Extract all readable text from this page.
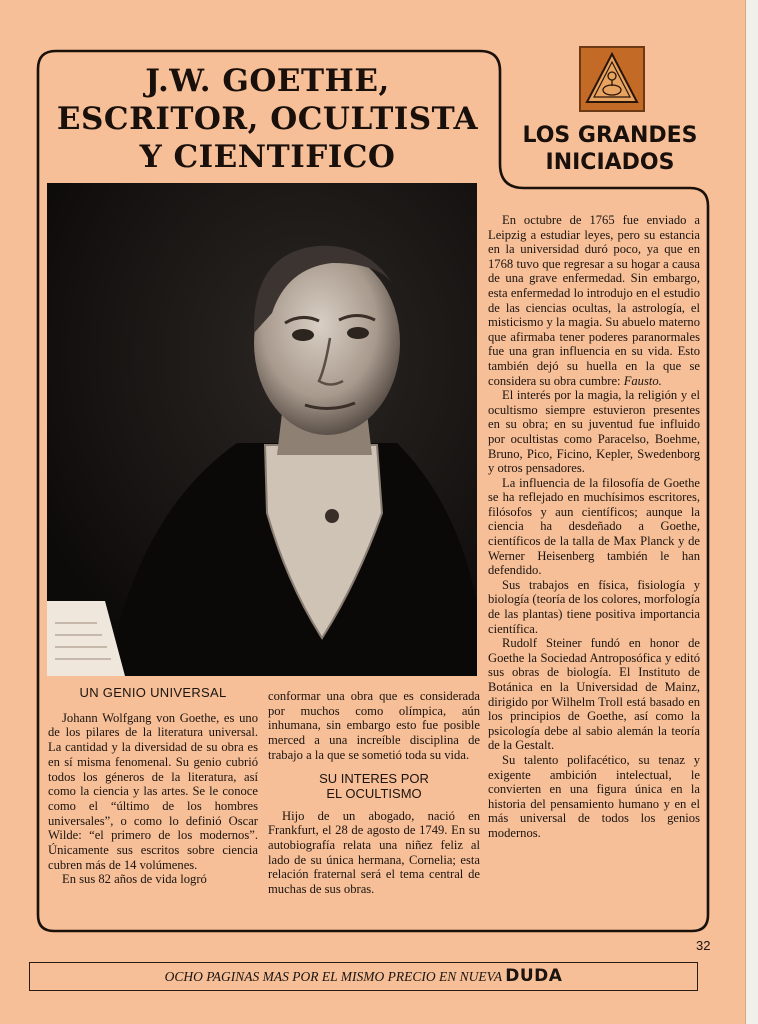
J.W. GOETHE,
ESCRITOR, OCULTISTA
Y CIENTIFICO
LOS GRANDES
INICIADOS
UN GENIO UNIVERSAL

Johann Wolfgang von Goethe, es uno de los pilares de la literatura universal. La cantidad y la diversidad de su obra es en sí misma fenomenal. Su genio cubrió todos los géneros de la literatura, así como la ciencia y las artes. Se le conoce como el “último de los hombres universales”, o como lo definió Oscar Wilde: “el primero de los modernos”. Únicamente sus escritos sobre ciencia cubren más de 14 volúmenes.

En sus 82 años de vida logró

conformar una obra que es considerada por muchos como olímpica, aún inhumana, sin embargo esto fue posible merced a una increíble disciplina de trabajo a la que se sometió toda su vida.

SU INTERES POR
EL OCULTISMO

Hijo de un abogado, nació en Frankfurt, el 28 de agosto de 1749. En su autobiografía relata una niñez feliz al lado de su única hermana, Cornelia; esta relación fraternal será el tema central de muchas de sus obras.

En octubre de 1765 fue enviado a Leipzig a estudiar leyes, pero su estancia en la universidad duró poco, ya que en 1768 tuvo que regresar a su hogar a causa de una grave enfermedad. Sin embargo, esta enfermedad lo introdujo en el estudio de las ciencias ocultas, la astrología, el misticismo y la magia. Su abuelo materno que afirmaba tener poderes paranormales fue una gran influencia en su vida. Esto también dejó su huella en la que se considera su obra cumbre: Fausto.

El interés por la magia, la religión y el ocultismo siempre estuvieron presentes en su obra; en su juventud fue influido por ocultistas como Paracelso, Boehme, Bruno, Pico, Ficino, Kepler, Swedenborg y otros pensadores.

La influencia de la filosofía de Goethe se ha reflejado en muchísimos escritores, filósofos y aun científicos; aunque la ciencia ha desdeñado a Goethe, científicos de la talla de Max Planck y de Werner Heisenberg también le han defendido.

Sus trabajos en física, fisiología y biología (teoría de los colores, morfología de las plantas) tiene positiva importancia científica.

Rudolf Steiner fundó en honor de Goethe la Sociedad Antroposófica y editó sus obras de biología. El Instituto de Botánica en la Universidad de Mainz, dirigido por Wilhelm Troll está basado en los principios de Goethe, así como la psicología debe al sabio alemán la teoría de la Gestalt.

Su talento polifacético, su tenaz y exigente ambición intelectual, le convierten en una figura única en la historia del pensamiento humano y en el más universal de todos los genios modernos.

32
OCHO PAGINAS MAS POR EL MISMO PRECIO EN NUEVA DUDA
